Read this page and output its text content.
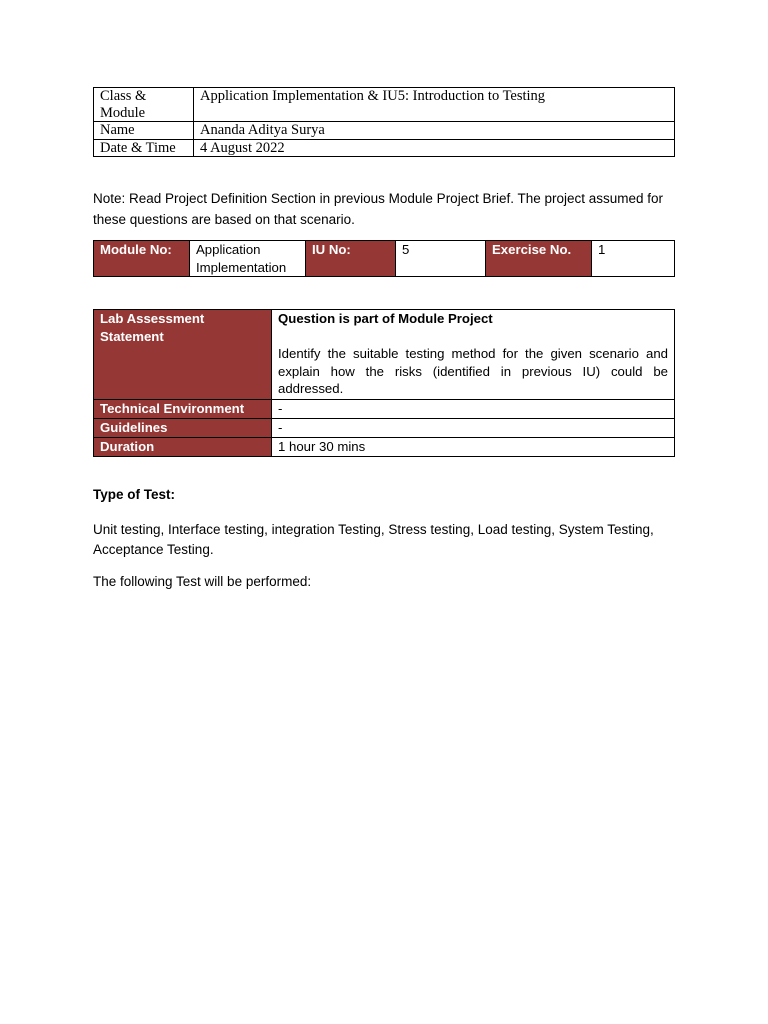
Class & Module	Application Implementation & IU5: Introduction to Testing
Name	Ananda Aditya Surya
Date & Time	4 August 2022
Note: Read Project Definition Section in previous Module Project Brief. The project assumed for these questions are based on that scenario.
Module No:	Application Implementation	IU No:	5	Exercise No.	1
Lab Assessment Statement	Question is part of Module Project
Identify the suitable testing method for the given scenario and explain how the risks (identified in previous IU) could be addressed.

Technical Environment	-
Guidelines	-
Duration	1 hour 30 mins
Type of Test:
Unit testing, Interface testing, integration Testing, Stress testing, Load testing, System Testing, Acceptance Testing.
The following Test will be performed:
